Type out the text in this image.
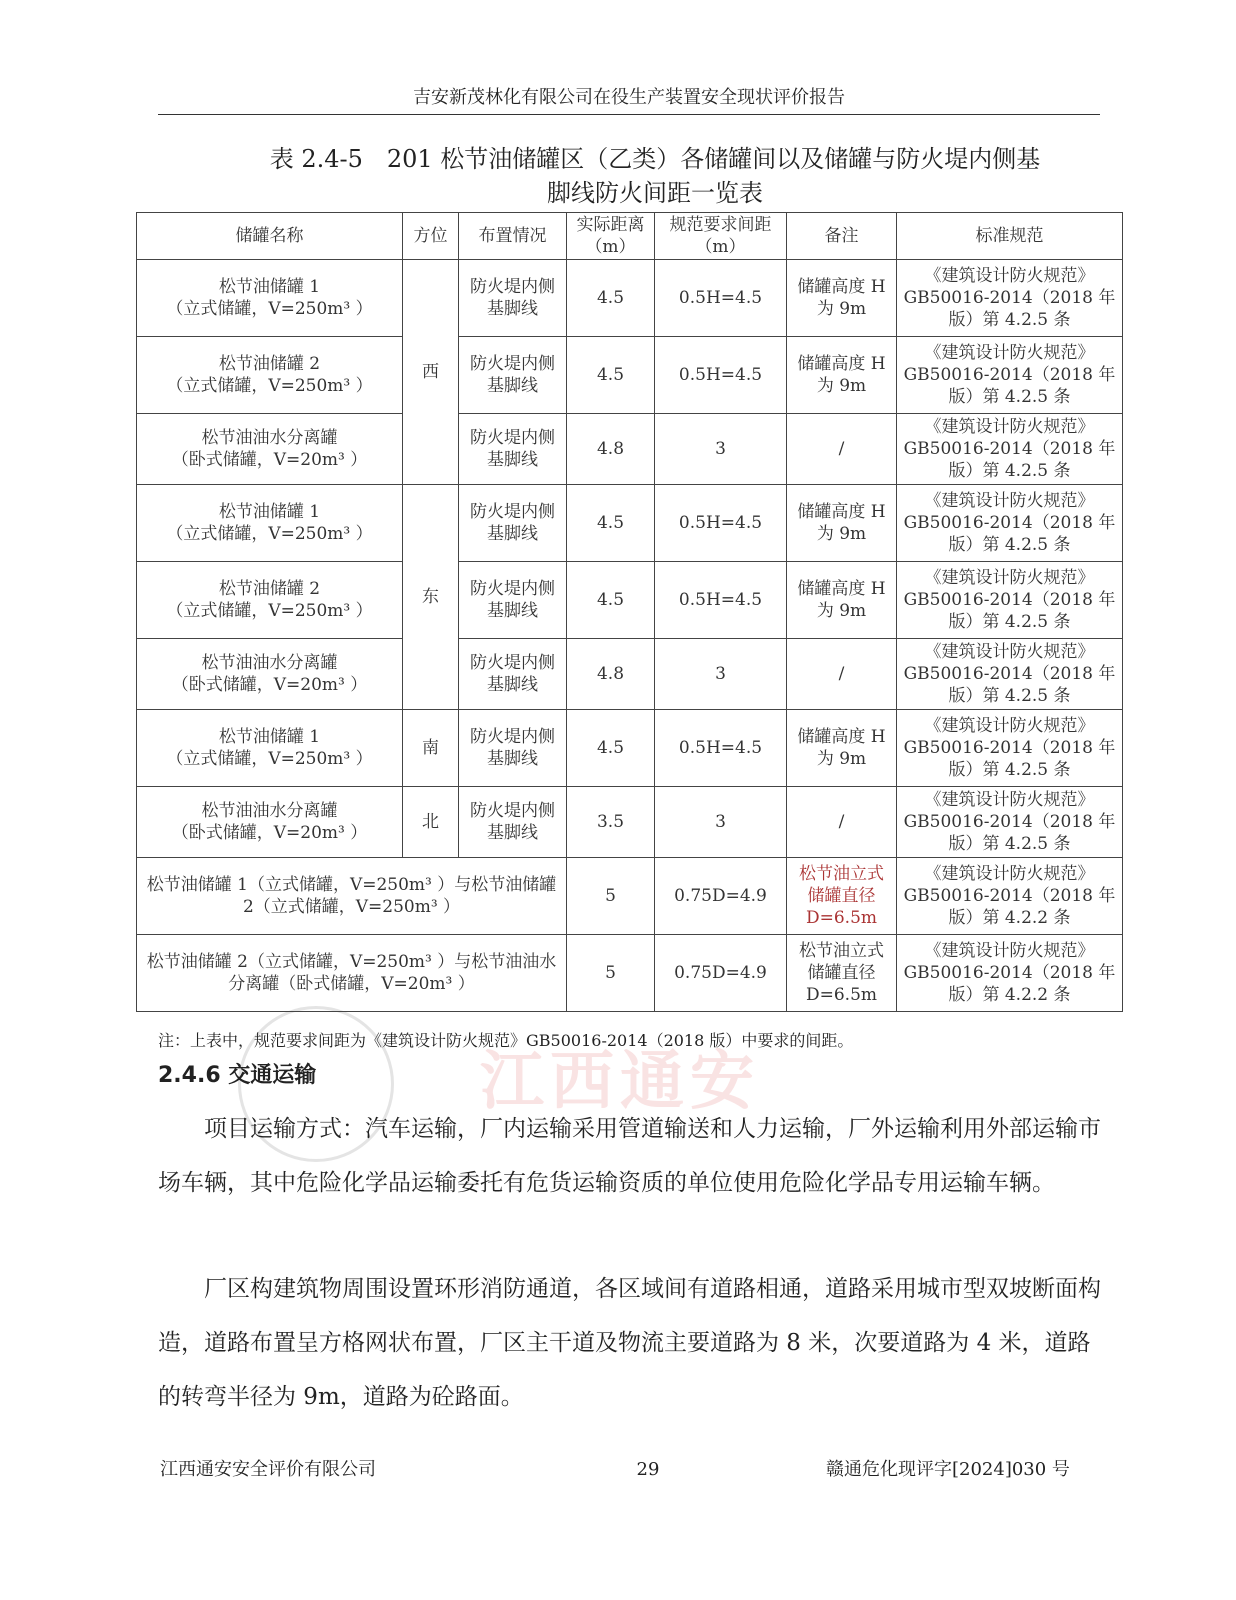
吉安新茂林化有限公司在役生产装置安全现状评价报告
表 2.4-5　201 松节油储罐区（乙类）各储罐间以及储罐与防火堤内侧基
脚线防火间距一览表
江西通安
储罐名称	方位	布置情况	实际距离（m）	规范要求间距（m）	备注	标准规范

松节油储罐 1
（立式储罐，V=250m³ ）	西	防火堤内侧基脚线	4.5	0.5H=4.5	储罐高度 H 为 9m	《建筑设计防火规范》GB50016-2014（2018 年版）第 4.2.5 条

松节油储罐 2
（立式储罐，V=250m³ ）		防火堤内侧基脚线	4.5	0.5H=4.5	储罐高度 H 为 9m	《建筑设计防火规范》GB50016-2014（2018 年版）第 4.2.5 条

松节油油水分离罐
（卧式储罐，V=20m³ ）		防火堤内侧基脚线	4.8	3	/	《建筑设计防火规范》GB50016-2014（2018 年版）第 4.2.5 条

松节油储罐 1
（立式储罐，V=250m³ ）	东	防火堤内侧基脚线	4.5	0.5H=4.5	储罐高度 H 为 9m	《建筑设计防火规范》GB50016-2014（2018 年版）第 4.2.5 条

松节油储罐 2
（立式储罐，V=250m³ ）		防火堤内侧基脚线	4.5	0.5H=4.5	储罐高度 H 为 9m	《建筑设计防火规范》GB50016-2014（2018 年版）第 4.2.5 条

松节油油水分离罐
（卧式储罐，V=20m³ ）		防火堤内侧基脚线	4.8	3	/	《建筑设计防火规范》GB50016-2014（2018 年版）第 4.2.5 条

松节油储罐 1
（立式储罐，V=250m³ ）	南	防火堤内侧基脚线	4.5	0.5H=4.5	储罐高度 H 为 9m	《建筑设计防火规范》GB50016-2014（2018 年版）第 4.2.5 条

松节油油水分离罐
（卧式储罐，V=20m³ ）	北	防火堤内侧基脚线	3.5	3	/	《建筑设计防火规范》GB50016-2014（2018 年版）第 4.2.5 条
松节油储罐 1（立式储罐，V=250m³ ）与松节油储罐 2（立式储罐，V=250m³ ）			5	0.75D=4.9	松节油立式储罐直径 D=6.5m	《建筑设计防火规范》GB50016-2014（2018 年版）第 4.2.2 条
松节油储罐 2（立式储罐，V=250m³ ）与松节油油水分离罐（卧式储罐，V=20m³ ）			5	0.75D=4.9	松节油立式储罐直径 D=6.5m	《建筑设计防火规范》GB50016-2014（2018 年版）第 4.2.2 条
注：上表中，规范要求间距为《建筑设计防火规范》GB50016-2014（2018 版）中要求的间距。
2.4.6 交通运输
项目运输方式：汽车运输，厂内运输采用管道输送和人力运输，厂外运输利用外部运输市场车辆，其中危险化学品运输委托有危货运输资质的单位使用危险化学品专用运输车辆。
厂区构建筑物周围设置环形消防通道，各区域间有道路相通，道路采用城市型双坡断面构造，道路布置呈方格网状布置，厂区主干道及物流主要道路为 8 米，次要道路为 4 米，道路的转弯半径为 9m，道路为砼路面。
江西通安安全评价有限公司	29	赣通危化现评字[2024]030 号
